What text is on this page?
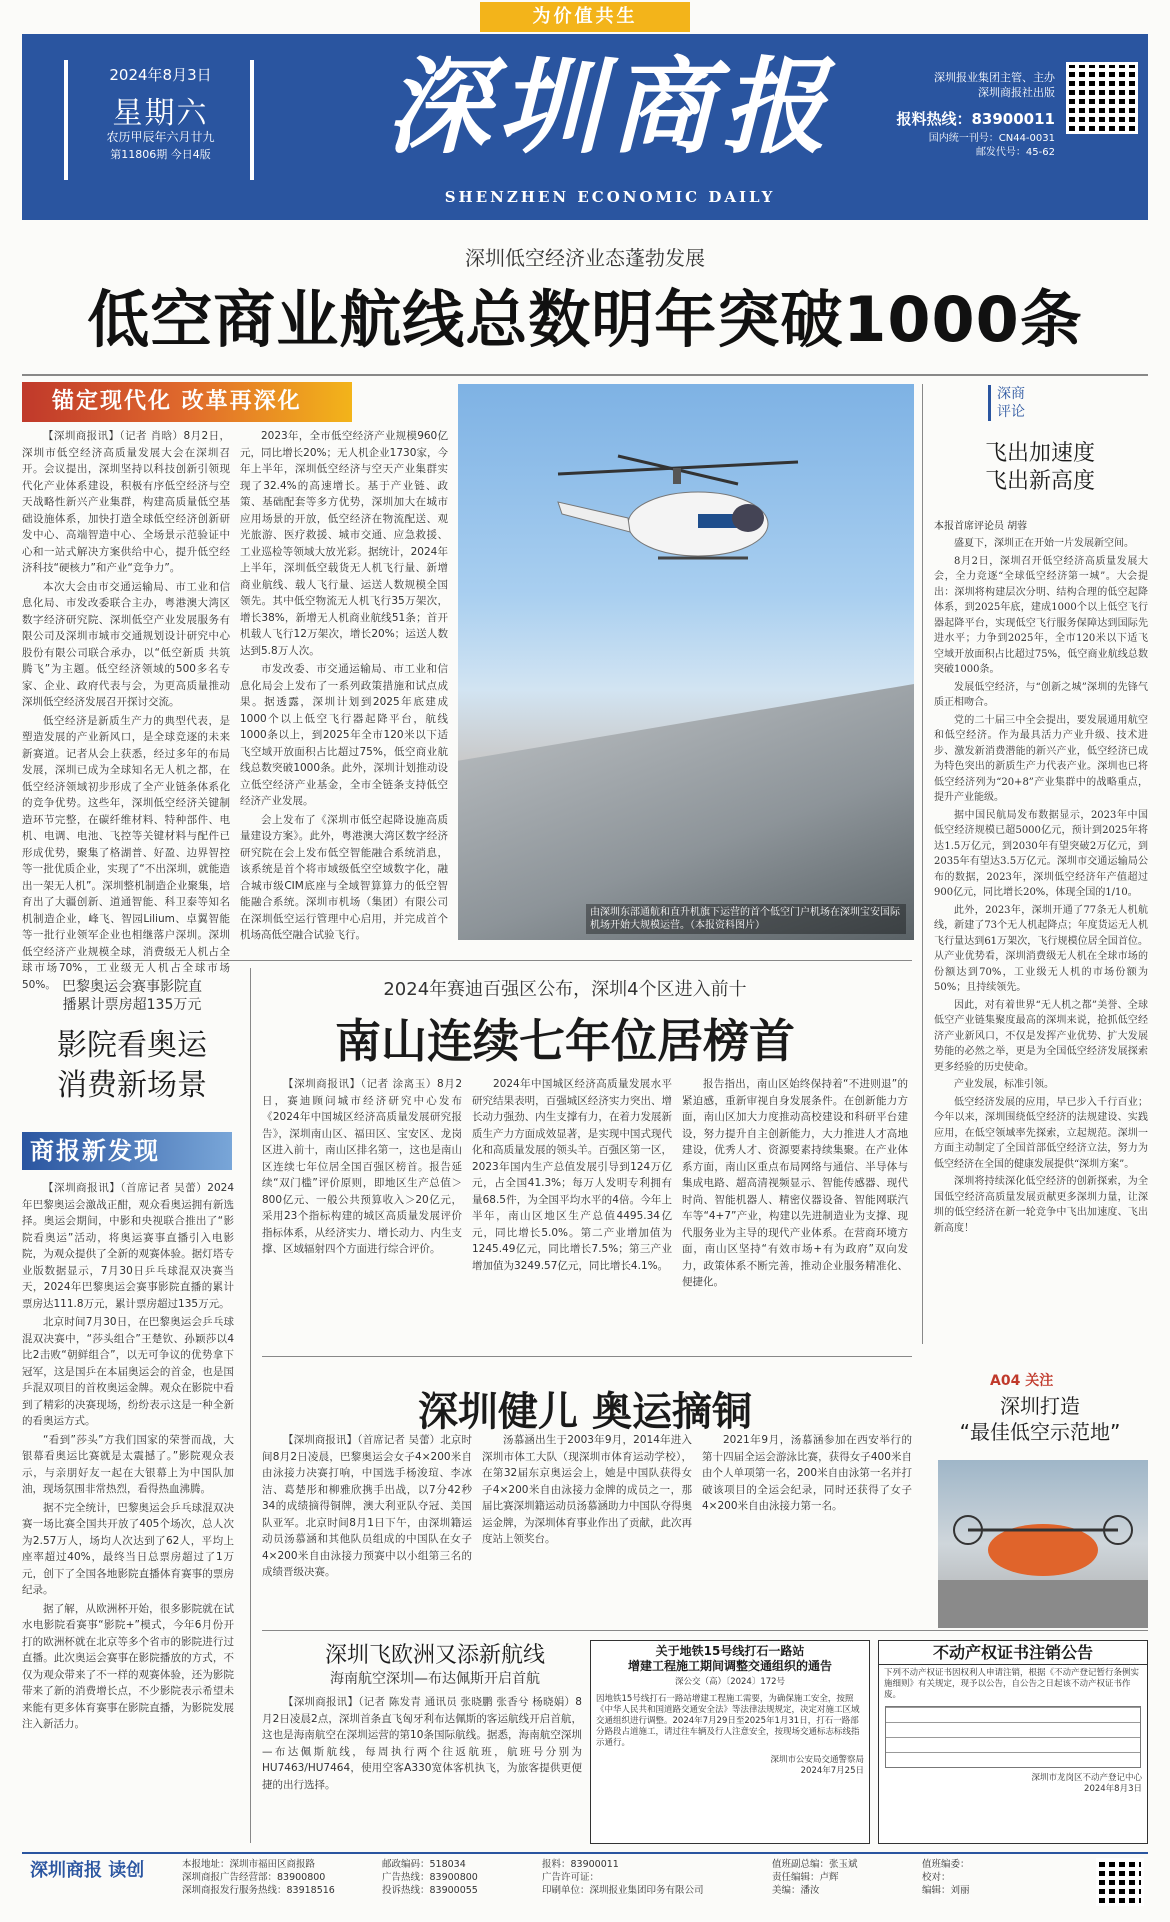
为价值共生
2024年8月3日
星期六
农历甲辰年六月廿九
第11806期 今日4版	深圳商报
SHENZHEN ECONOMIC DAILY
深圳报业集团主管、主办
深圳商报社出版
报料热线：83900011
国内统一刊号：CN44-0031
邮发代号：45-62
深圳低空经济业态蓬勃发展
低空商业航线总数明年突破1000条
锚定现代化 改革再深化

【深圳商报讯】（记者 肖晗）8月2日，深圳市低空经济高质量发展大会在深圳召开。会议提出，深圳坚持以科技创新引领现代化产业体系建设，积极有序低空经济与空天战略性新兴产业集群，构建高质量低空基础设施体系，加快打造全球低空经济创新研发中心、高端智造中心、全场景示范验证中心和一站式解决方案供给中心，提升低空经济科技“硬核力”和产业“竞争力”。

本次大会由市交通运输局、市工业和信息化局、市发改委联合主办，粤港澳大湾区数字经济研究院、深圳低空产业发展服务有限公司及深圳市城市交通规划设计研究中心股份有限公司联合承办，以“低空新质 共筑腾飞”为主题。低空经济领域的500多名专家、企业、政府代表与会，为更高质量推动深圳低空经济发展召开探讨交流。

低空经济是新质生产力的典型代表，是塑造发展的产业新风口，是全球竞逐的未来新赛道。记者从会上获悉，经过多年的布局发展，深圳已成为全球知名无人机之都，在低空经济领域初步形成了全产业链条体系化的竞争优势。这些年，深圳低空经济关键制造环节完整，在碳纤维材料、特种部件、电机、电调、电池、飞控等关键材料与配件已形成优势，聚集了格湖普、好盈、边界智控等一批优质企业，实现了“不出深圳，就能造出一架无人机”。深圳整机制造企业聚集，培育出了大疆创新、道通智能、科卫泰等知名机制造企业，峰飞、智园Lilium、卓翼智能等一批行业领军企业也相继落户深圳。深圳低空经济产业规模全球，消费级无人机占全球市场70%，工业级无人机占全球市场50%。

2023年，全市低空经济产业规模960亿元，同比增长20%；无人机企业1730家，今年上半年，深圳低空经济与空天产业集群实现了32.4%的高速增长。基于产业链、政策、基础配套等多方优势，深圳加大在城市应用场景的开放，低空经济在物流配送、观光旅游、医疗救援、城市交通、应急救援、工业巡检等领域大放光彩。据统计，2024年上半年，深圳低空载货无人机飞行量、新增商业航线、载人飞行量、运送人数规模全国领先。其中低空物流无人机飞行35万架次，增长38%，新增无人机商业航线51条；首开机载人飞行12万架次，增长20%；运送人数达到5.8万人次。

市发改委、市交通运输局、市工业和信息化局会上发布了一系列政策措施和试点成果。据透露，深圳计划到2025年底建成1000个以上低空飞行器起降平台，航线1000条以上，到2025年全市120米以下适飞空域开放面积占比超过75%，低空商业航线总数突破1000条。此外，深圳计划推动设立低空经济产业基金，全市全链条支持低空经济产业发展。

会上发布了《深圳市低空起降设施高质量建设方案》。此外，粤港澳大湾区数字经济研究院在会上发布低空智能融合系统消息，该系统是首个将市域级低空空域数字化，融合城市级CIM底座与全域智算算力的低空智能融合系统。深圳市机场（集团）有限公司在深圳低空运行管理中心启用，并完成首个机场高低空融合试验飞行。

由深圳东部通航和直升机旗下运营的首个低空门户机场在深圳宝安国际机场开始大规模运营。（本报资料图片）
深商
评论
飞出加速度
飞出新高度
本报首席评论员 胡蓉

盛夏下，深圳正在开始一片发展新空间。

8月2日，深圳召开低空经济高质量发展大会，全力竞逐“全球低空经济第一城”。大会提出：深圳将构建层次分明、结构合理的低空起降体系，到2025年底，建成1000个以上低空飞行器起降平台，实现低空飞行服务保障达到国际先进水平；力争到2025年，全市120米以下适飞空域开放面积占比超过75%，低空商业航线总数突破1000条。

发展低空经济，与“创新之城”深圳的先锋气质正相吻合。

党的二十届三中全会提出，要发展通用航空和低空经济。作为最具活力产业升级、技术进步、激发新消费潜能的新兴产业，低空经济已成为特色突出的新质生产力代表产业。深圳也已将低空经济列为“20+8”产业集群中的战略重点，提升产业能级。

据中国民航局发布数据显示，2023年中国低空经济规模已超5000亿元，预计到2025年将达1.5万亿元，到2030年有望突破2万亿元，到2035年有望达3.5万亿元。深圳市交通运输局公布的数据，2023年，深圳低空经济年产值超过900亿元，同比增长20%，体现全国的1/10。

此外，2023年，深圳开通了77条无人机航线，新建了73个无人机起降点；年度货运无人机飞行量达到61万架次，飞行规模位居全国首位。从产业优势看，深圳消费级无人机在全球市场的份额达到70%，工业级无人机的市场份额为50%；且持续领先。

因此，对有着世界“无人机之都”美誉、全球低空产业链集聚度最高的深圳来说，抢抓低空经济产业新风口，不仅是发挥产业优势、扩大发展势能的必然之举，更是为全国低空经济发展探索更多经验的历史使命。

产业发展，标准引领。

低空经济发展的应用，早已步入千行百业；今年以来，深圳围绕低空经济的法规建设、实践应用，在低空领域率先探索，立起规范。深圳一方面主动制定了全国首部低空经济立法，努力为低空经济在全国的健康发展提供“深圳方案”。

深圳将持续深化低空经济的创新探索，为全国低空经济高质量发展贡献更多深圳力量，让深圳的低空经济在新一轮竞争中飞出加速度、飞出新高度！

巴黎奥运会赛事影院直
播累计票房超135万元
影院看奥运
消费新场景
商报新发现

【深圳商报讯】（首席记者 吴蕾）2024年巴黎奥运会激战正酣，观众看奥运拥有新选择。奥运会期间，中影和央视联合推出了“影院看奥运”活动，将奥运赛事直播引入电影院，为观众提供了全新的观赛体验。据灯塔专业版数据显示，7月30日乒乓球混双决赛当天，2024年巴黎奥运会赛事影院直播的累计票房达111.8万元，累计票房超过135万元。

北京时间7月30日，在巴黎奥运会乒乓球混双决赛中，“莎头组合”王楚钦、孙颖莎以4比2击败“朝鲜组合”，以无可争议的优势拿下冠军，这是国乒在本届奥运会的首金，也是国乒混双项目的首枚奥运金牌。观众在影院中看到了精彩的决赛现场，纷纷表示这是一种全新的看奥运方式。

“看到”莎头”方我们国家的荣誉而战，大银幕看奥运比赛就是太震撼了。”影院观众表示，与亲朋好友一起在大银幕上为中国队加油，现场氛围非常热烈，看得热血沸腾。

据不完全统计，巴黎奥运会乒乓球混双决赛一场比赛全国共开放了405个场次，总人次为2.57万人，场均人次达到了62人，平均上座率超过40%，最终当日总票房超过了1万元，创下了全国各地影院直播体育赛事的票房纪录。

据了解，从欧洲杯开始，很多影院就在试水电影院看赛事“影院+”模式，今年6月份开打的欧洲杯就在北京等多个省市的影院进行过直播。此次奥运会赛事在影院播放的方式，不仅为观众带来了不一样的观赛体验，还为影院带来了新的消费增长点，不少影院表示希望未来能有更多体育赛事在影院直播，为影院发展注入新活力。

2024年赛迪百强区公布，深圳4个区进入前十
南山连续七年位居榜首

【深圳商报讯】（记者 涂离玉）8月2日，赛迪顾问城市经济研究中心发布《2024年中国城区经济高质量发展研究报告》，深圳南山区、福田区、宝安区、龙岗区进入前十，南山区排名第一，这也是南山区连续七年位居全国百强区榜首。报告延续“双门槛”评价原则，即地区生产总值＞800亿元、一般公共预算收入＞20亿元，采用23个指标构建的城区高质量发展评价指标体系，从经济实力、增长动力、内生支撑、区域辐射四个方面进行综合评价。

2024年中国城区经济高质量发展水平研究结果表明，百强城区经济实力突出、增长动力强劲、内生支撑有力，在着力发展新质生产力方面成效显著，是实现中国式现代化和高质量发展的领头羊。百强区第一区，2023年国内生产总值发展引导到124万亿元，占全国41.3%；每万人发明专利拥有量68.5件，为全国平均水平的4倍。今年上半年，南山区地区生产总值4495.34亿元，同比增长5.0%。第二产业增加值为1245.49亿元，同比增长7.5%；第三产业增加值为3249.57亿元，同比增长4.1%。

报告指出，南山区始终保持着“不进则退”的紧迫感，重新审视自身发展条件。在创新能力方面，南山区加大力度推动高校建设和科研平台建设，努力提升自主创新能力，大力推进人才高地建设，优秀人才、资源要素持续集聚。在产业体系方面，南山区重点布局网络与通信、半导体与集成电路、超高清视频显示、智能传感器、现代时尚、智能机器人、精密仪器设备、智能网联汽车等“4+7”产业，构建以先进制造业为支撑、现代服务业为主导的现代产业体系。在营商环境方面，南山区坚持“有效市场+有为政府”双向发力，政策体系不断完善，推动企业服务精准化、便捷化。

深圳健儿 奥运摘铜

【深圳商报讯】（首席记者 吴蕾）北京时间8月2日凌晨，巴黎奥运会女子4×200米自由泳接力决赛打响，中国选手杨浚瑄、李冰洁、葛楚彤和柳雅欣携手出战，以7分42秒34的成绩摘得铜牌，澳大利亚队夺冠、美国队亚军。北京时间8月1日下午，由深圳籍运动员汤慕涵和其他队员组成的中国队在女子4×200米自由泳接力预赛中以小组第三名的成绩晋级决赛。

汤慕涵出生于2003年9月，2014年进入深圳市体工大队（现深圳市体育运动学校），在第32届东京奥运会上，她是中国队获得女子4×200米自由泳接力金牌的成员之一，那届比赛深圳籍运动员汤慕涵助力中国队夺得奥运金牌，为深圳体育事业作出了贡献，此次再度站上领奖台。

2021年9月，汤慕涵参加在西安举行的第十四届全运会游泳比赛，获得女子400米自由个人单项第一名，200米自由泳第一名并打破该项目的全运会纪录，同时还获得了女子4×200米自由泳接力第一名。

A04 关注
深圳打造
“最佳低空示范地”
深圳飞欧洲又添新航线
海南航空深圳—布达佩斯开启首航

【深圳商报讯】（记者 陈发青 通讯员 张晓鹏 张香兮 杨晓娟）8月2日凌晨2点，深圳首条直飞匈牙利布达佩斯的客运航线开启首航，这也是海南航空在深圳运营的第10条国际航线。据悉，海南航空深圳—布达佩斯航线，每周执行两个往返航班，航班号分别为HU7463/HU7464，使用空客A330宽体客机执飞，为旅客提供更便捷的出行选择。

关于地铁15号线打石一路站
增建工程施工期间调整交通组织的通告
深公交（高）〔2024〕172号
因地铁15号线打石一路站增建工程施工需要，为确保施工安全，按照《中华人民共和国道路交通安全法》等法律法规规定，决定对施工区域交通组织进行调整。2024年7月29日至2025年1月31日，打石一路部分路段占道施工，请过往车辆及行人注意安全，按现场交通标志标线指示通行。
深圳市公安局交通警察局
2024年7月25日
不动产权证书注销公告
下列不动产权证书因权利人申请注销，根据《不动产登记暂行条例实施细则》有关规定，现予以公告，自公告之日起该不动产权证书作废。
深圳市龙岗区不动产登记中心
2024年8月3日
深圳商报 读创	本报地址：深圳市福田区商报路
深圳商报广告经营部：83900800
深圳商报发行服务热线：83918516
邮政编码：518034
广告热线：83900800
投诉热线：83900055
报料：83900011
广告许可证：
印刷单位：深圳报业集团印务有限公司
值班副总编：张玉斌
责任编辑：卢辉
美编：潘汝
值班编委：
校对：
编辑：刘丽
